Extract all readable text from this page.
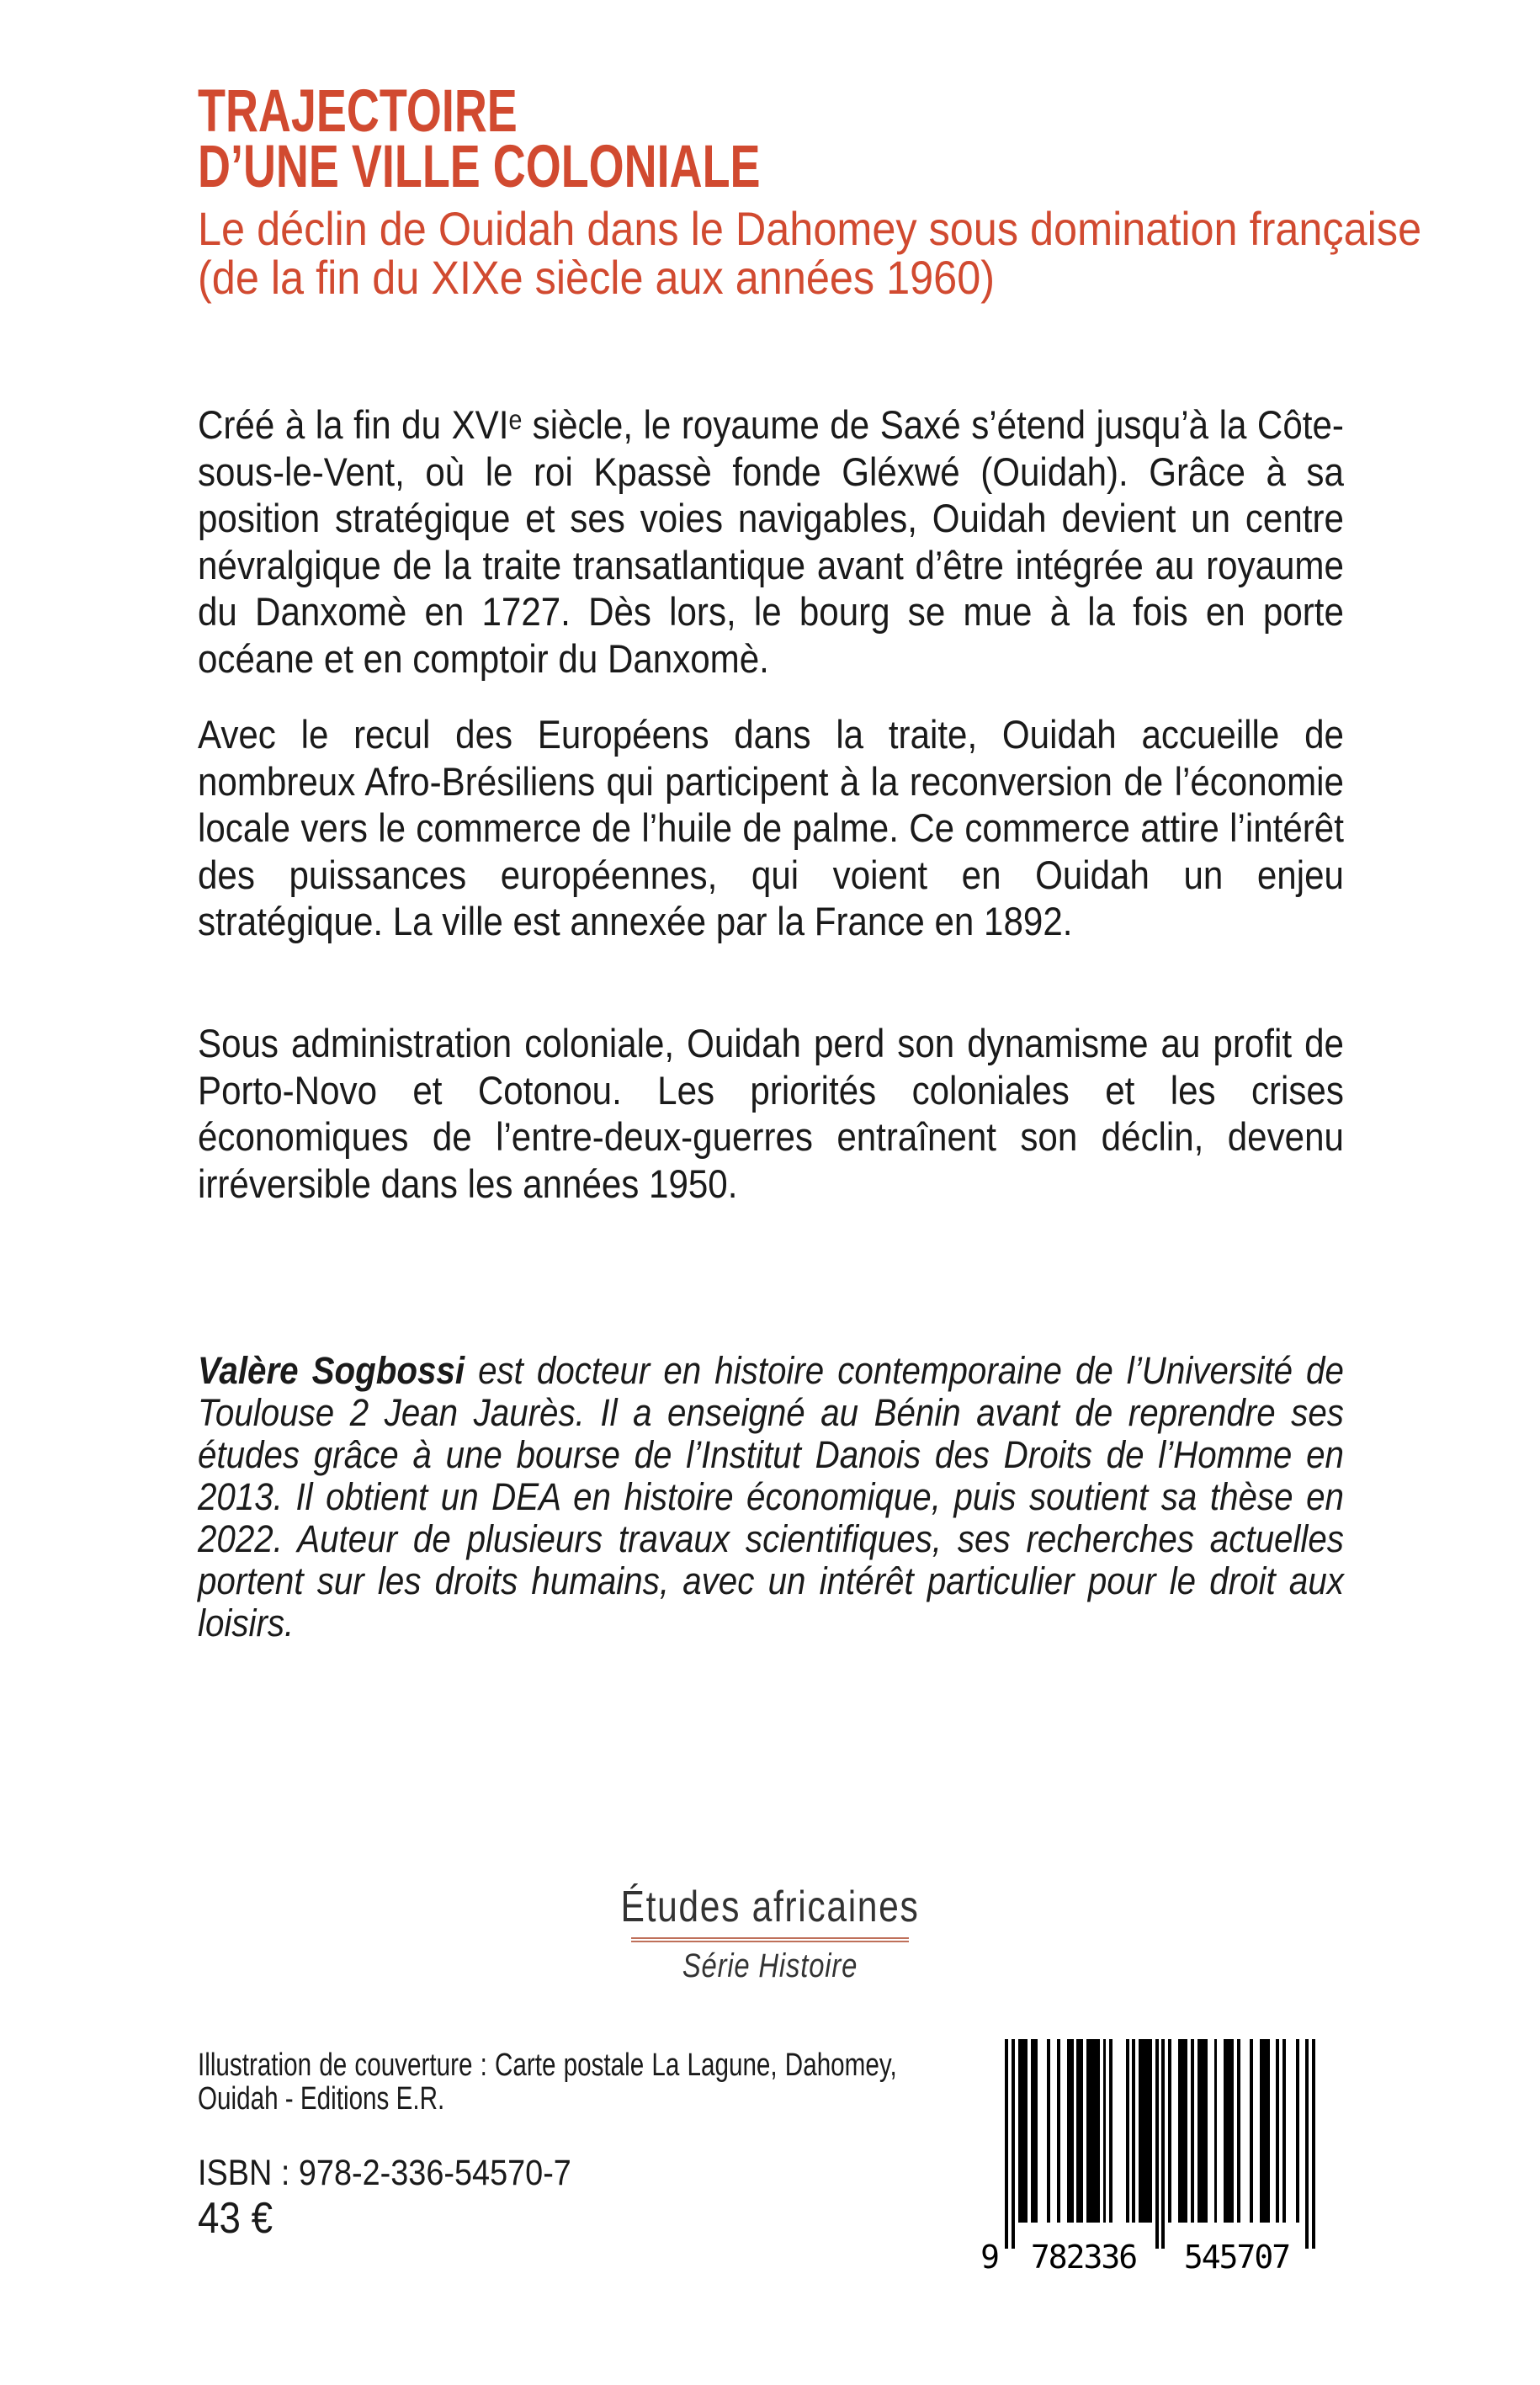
TRAJECTOIRE
D’UNE VILLE COLONIALE
Le déclin de Ouidah dans le Dahomey sous domination française
(de la fin du XIXe siècle aux années 1960)

Créé à la fin du XVIᵉ siècle, le royaume de Saxé s’étend jusqu’à la Côte-sous-le-Vent, où le roi Kpassè fonde Gléxwé (Ouidah). Grâce à sa position stratégique et ses voies navigables, Ouidah devient un centre névralgique de la traite transatlantique avant d’être intégrée au royaume du Danxomè en 1727. Dès lors, le bourg se mue à la fois en porte océane et en comptoir du Danxomè.

Avec le recul des Européens dans la traite, Ouidah accueille de nombreux Afro-Brésiliens qui participent à la reconversion de l’économie locale vers le commerce de l’huile de palme. Ce commerce attire l’intérêt des puissances européennes, qui voient en Ouidah un enjeu stratégique. La ville est annexée par la France en 1892.

Sous administration coloniale, Ouidah perd son dynamisme au profit de Porto-Novo et Cotonou. Les priorités coloniales et les crises économiques de l’entre-deux-guerres entraînent son déclin, devenu irréversible dans les années 1950.

Valère Sogbossi est docteur en histoire contemporaine de l’Université de Toulouse 2 Jean Jaurès. Il a enseigné au Bénin avant de reprendre ses études grâce à une bourse de l’Institut Danois des Droits de l’Homme en 2013. Il obtient un DEA en histoire économique, puis soutient sa thèse en 2022. Auteur de plusieurs travaux scientifiques, ses recherches actuelles portent sur les droits humains, avec un intérêt particulier pour le droit aux loisirs.

Études africaines
Série Histoire

Illustration de couverture : Carte postale La Lagune, Dahomey, Ouidah - Editions E.R.

ISBN : 978-2-336-54570-7
43 €
9	782336	545707
